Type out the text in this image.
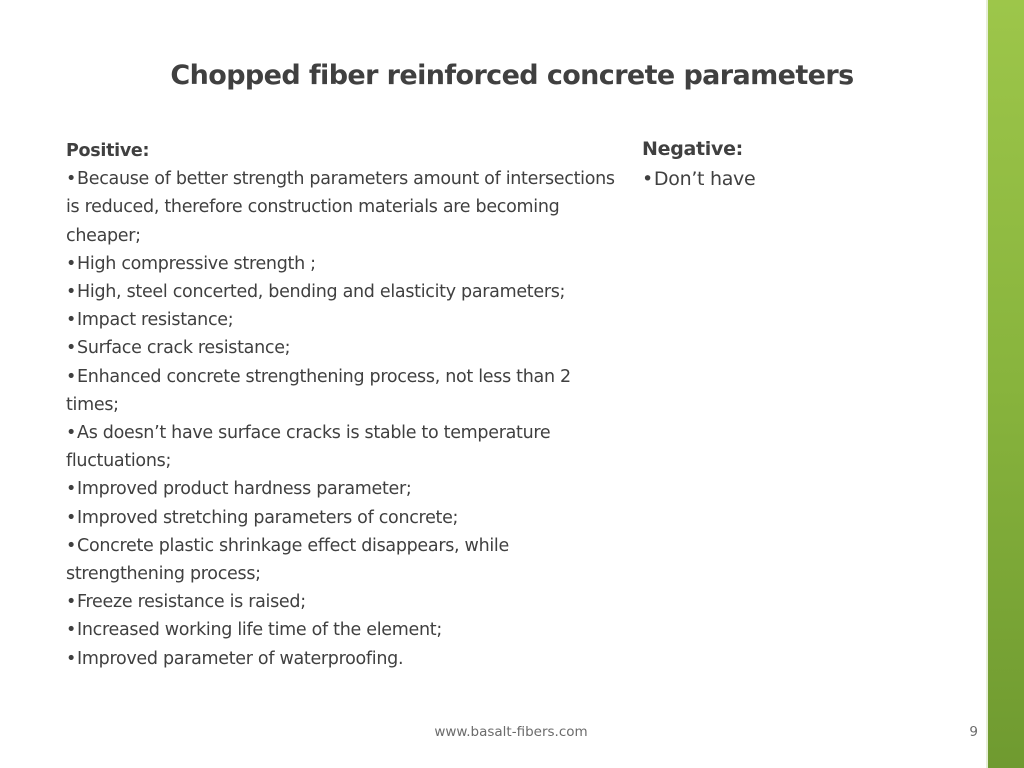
Chopped fiber reinforced concrete parameters
Positive:
•Because of better strength parameters amount of intersections is reduced, therefore construction materials are becoming cheaper;
•High compressive strength ;
•High, steel concerted, bending and elasticity parameters;
•Impact resistance;
•Surface crack resistance;
•Enhanced concrete strengthening process, not less than 2 times;
•As doesn’t have surface cracks is stable to temperature fluctuations;
•Improved product hardness parameter;
•Improved stretching parameters of concrete;
•Concrete plastic shrinkage effect disappears, while strengthening process;
•Freeze resistance is raised;
•Increased working life time of the element;
•Improved parameter of waterproofing.
Negative:
•Don’t have
www.basalt-fibers.com	9
